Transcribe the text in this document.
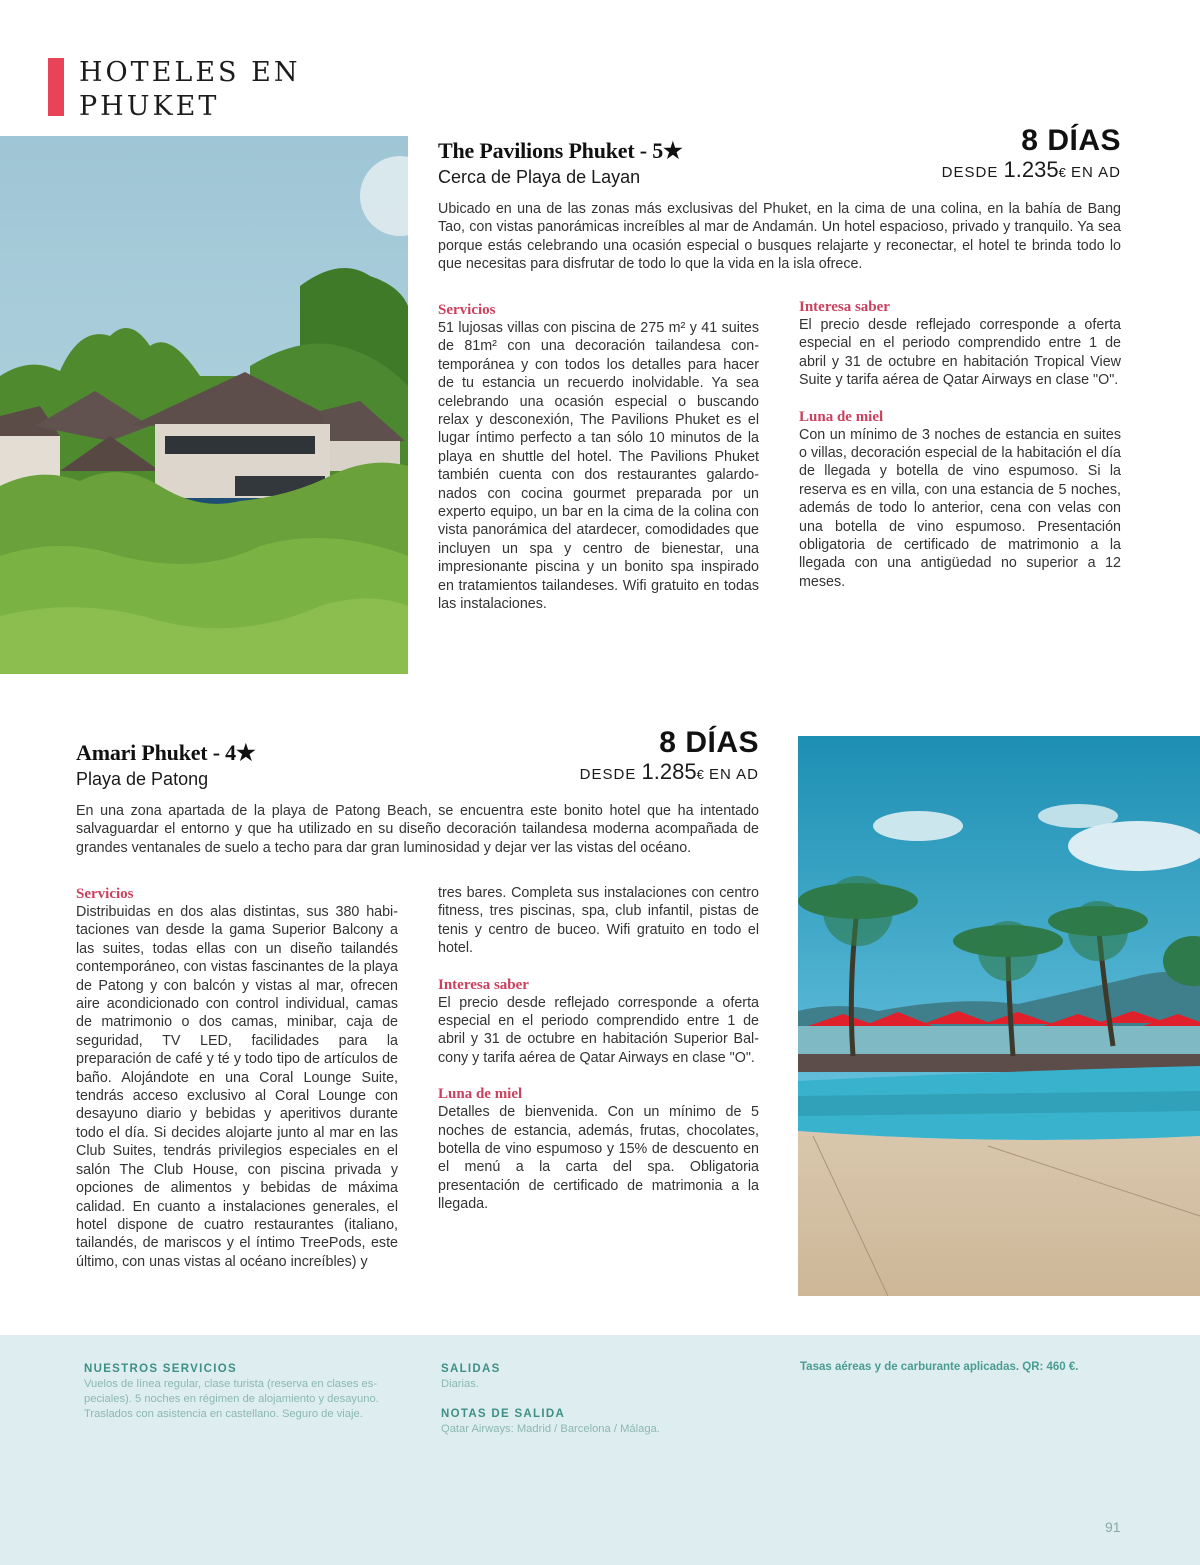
HOTELES EN
PHUKET
The Pavilions Phuket - 5★
Cerca de Playa de Layan
8 DÍAS
DESDE 1.235€ EN AD
Ubicado en una de las zonas más exclusivas del Phuket, en la cima de una colina, en la bahía de Bang Tao, con vistas panorámicas increíbles al mar de Andamán. Un hotel espacioso, privado y tranquilo. Ya sea porque estás celebrando una ocasión especial o busques relajarte y reconectar, el hotel te brinda todo lo que necesitas para disfrutar de todo lo que la vida en la isla ofrece.
Servicios

51 lujosas villas con piscina de 275 m² y 41 suites de 81m² con una decoración tailandesa contemporánea y con todos los detalles para hacer de tu estancia un recuerdo inolvidable. Ya sea celebrando una ocasión especial o buscando relax y desconexión, The Pavilions Phuket es el lugar íntimo perfecto a tan sólo 10 minutos de la playa en shuttle del hotel. The Pavilions Phuket también cuenta con dos restaurantes galardonados con cocina gourmet preparada por un experto equipo, un bar en la cima de la colina con vista panorámica del atardecer, comodidades que incluyen un spa y centro de bienestar, una impresionante piscina y un bonito spa inspirado en tratamientos tailandeses. Wifi gratuito en todas las instalaciones.

Interesa saber

El precio desde reflejado corresponde a oferta especial en el periodo comprendido entre 1 de abril y 31 de octubre en habitación Tropical View Suite y tarifa aérea de Qatar Airways en clase "O".

Luna de miel

Con un mínimo de 3 noches de estancia en suites o villas, decoración especial de la habitación el día de llegada y botella de vino espumoso. Si la reserva es en villa, con una estancia de 5 noches, además de todo lo anterior, cena con velas con una botella de vino espumoso. Presentación obligatoria de certificado de matrimonio a la llegada con una antigüedad no superior a 12 meses.

Amari Phuket - 4★
Playa de Patong
8 DÍAS
DESDE 1.285€ EN AD
En una zona apartada de la playa de Patong Beach, se encuentra este bonito hotel que ha intentado salvaguardar el entorno y que ha utilizado en su diseño decoración tailandesa moderna acompañada de grandes ventanales de suelo a techo para dar gran luminosidad y dejar ver las vistas del océano.
Servicios

Distribuidas en dos alas distintas, sus 380 habitaciones van desde la gama Superior Balcony a las suites, todas ellas con un diseño tailandés contemporáneo, con vistas fascinantes de la playa de Patong y con balcón y vistas al mar, ofrecen aire acondicionado con control individual, camas de matrimonio o dos camas, minibar, caja de seguridad, TV LED, facilidades para la preparación de café y té y todo tipo de artículos de baño. Alojándote en una Coral Lounge Suite, tendrás acceso exclusivo al Coral Lounge con desayuno diario y bebidas y aperitivos durante todo el día. Si decides alojarte junto al mar en las Club Suites, tendrás privilegios especiales en el salón The Club House, con piscina privada y opciones de alimentos y bebidas de máxima calidad. En cuanto a instalaciones generales, el hotel dispone de cuatro restaurantes (italiano, tailandés, de mariscos y el íntimo TreePods, este último, con unas vistas al océano increíbles) y

tres bares. Completa sus instalaciones con centro fitness, tres piscinas, spa, club infantil, pistas de tenis y centro de buceo. Wifi gratuito en todo el hotel.

Interesa saber

El precio desde reflejado corresponde a oferta especial en el periodo comprendido entre 1 de abril y 31 de octubre en habitación Superior Balcony y tarifa aérea de Qatar Airways en clase "O".

Luna de miel

Detalles de bienvenida. Con un mínimo de 5 noches de estancia, además, frutas, chocolates, botella de vino espumoso y 15% de descuento en el menú a la carta del spa. Obligatoria presentación de certificado de matrimonia a la llegada.

NUESTROS SERVICIOS
Vuelos de línea regular, clase turista (reserva en clases especiales). 5 noches en régimen de alojamiento y desayuno. Traslados con asistencia en castellano. Seguro de viaje.
SALIDAS
Diarias.
NOTAS DE SALIDA
Qatar Airways: Madrid / Barcelona / Málaga.
Tasas aéreas y de carburante aplicadas. QR: 460 €.
91
